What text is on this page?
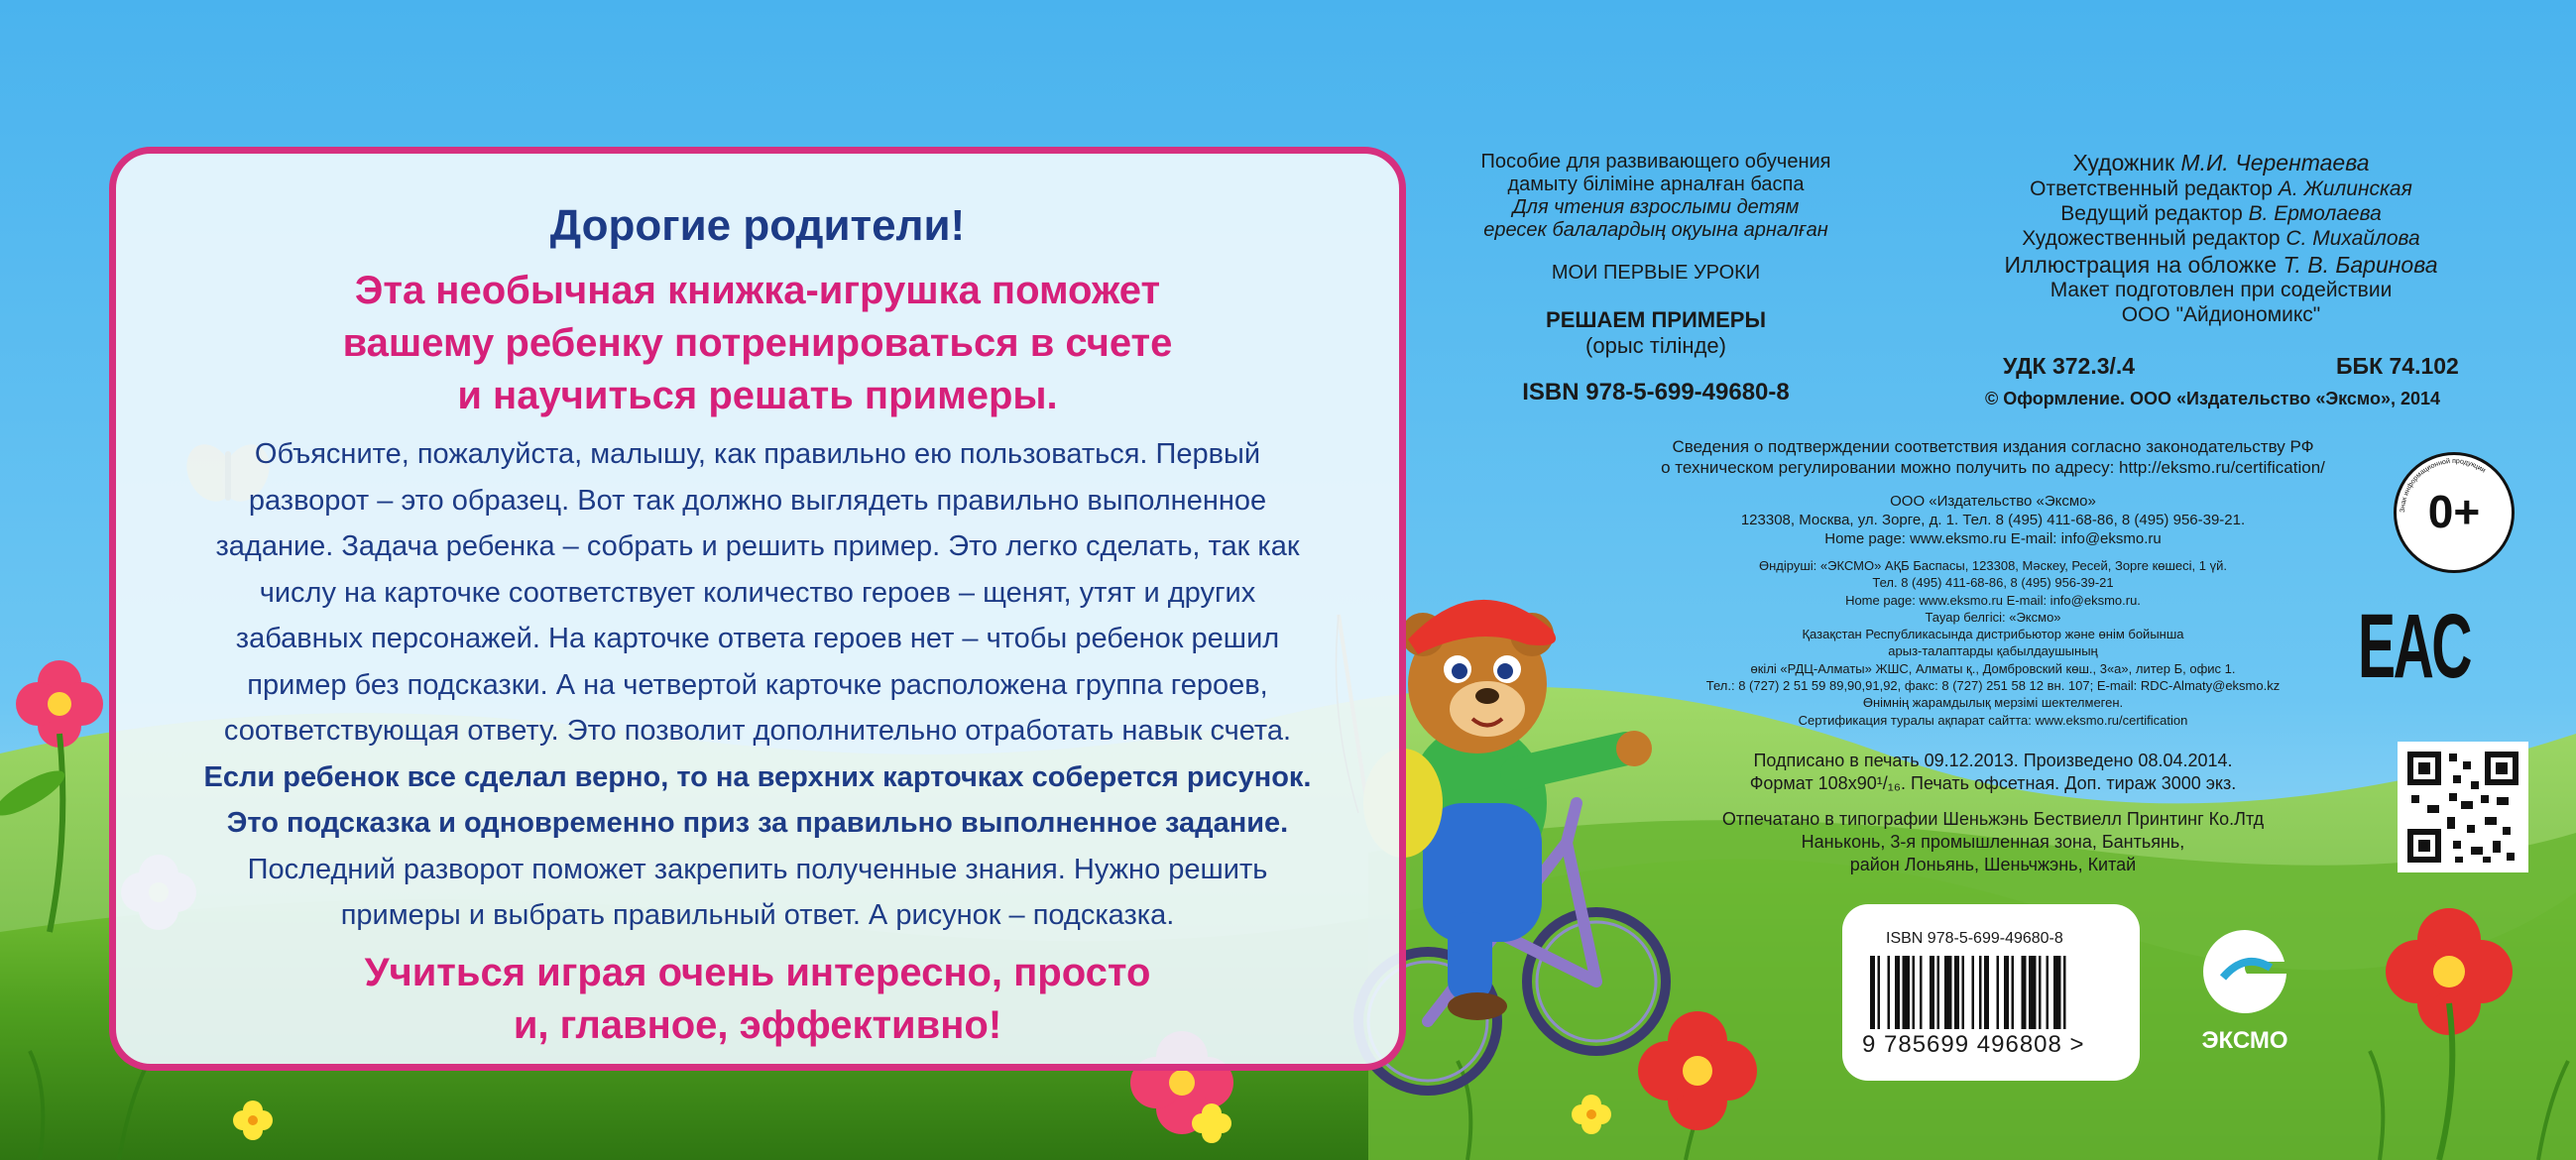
Дорогие родители!
Эта необычная книжка-игрушка поможет
вашему ребенку потренироваться в счете
и научиться решать примеры.
Объясните, пожалуйста, малышу, как правильно ею пользоваться. Первый
разворот – это образец. Вот так должно выглядеть правильно выполненное
задание. Задача ребенка – собрать и решить пример. Это легко сделать, так как
числу на карточке соответствует количество героев – щенят, утят и других
забавных персонажей. На карточке ответа героев нет – чтобы ребенок решил
пример без подсказки. А на четвертой карточке расположена группа героев,
соответствующая ответу. Это позволит дополнительно отработать навык счета.
Если ребенок все сделал верно, то на верхних карточках соберется рисунок.
Это подсказка и одновременно приз за правильно выполненное задание.
Последний разворот поможет закрепить полученные знания. Нужно решить
примеры и выбрать правильный ответ. А рисунок – подсказка.
Учиться играя очень интересно, просто
и, главное, эффективно!
Пособие для развивающего обучения
дамыту біліміне арналған баспа
Для чтения взрослыми детям
ересек балалардың оқуына арналған
МОИ ПЕРВЫЕ УРОКИ
РЕШАЕМ ПРИМЕРЫ
(орыс тілінде)
ISBN 978-5-699-49680-8
Художник М.И. Черентаева
Ответственный редактор А. Жилинская
Ведущий редактор В. Ермолаева
Художественный редактор С. Михайлова
Иллюстрация на обложке Т. В. Баринова
Макет подготовлен при содействии
ООО "Айдиономикс"
УДК 372.3/.4	ББК 74.102
© Оформление. ООО «Издательство «Эксмо», 2014
Сведения о подтверждении соответствия издания согласно законодательству РФ
о техническом регулировании можно получить по адресу: http://eksmo.ru/certification/
ООО «Издательство «Эксмо»
123308, Москва, ул. Зорге, д. 1. Тел. 8 (495) 411-68-86, 8 (495) 956-39-21.
Home page: www.eksmo.ru E-mail: info@eksmo.ru
Өндіруші: «ЭКСМО» АҚБ Баспасы, 123308, Мәскеу, Ресей, Зорге көшесі, 1 үй.
Тел. 8 (495) 411-68-86, 8 (495) 956-39-21
Home page: www.eksmo.ru E-mail: info@eksmo.ru.
Тауар белгісі: «Эксмо»
Қазақстан Республикасында дистрибьютор және өнім бойынша
арыз-талаптарды қабылдаушының
өкілі «РДЦ-Алматы» ЖШС, Алматы қ., Домбровский көш., 3«а», литер Б, офис 1.
Тел.: 8 (727) 2 51 59 89,90,91,92, факс: 8 (727) 251 58 12 вн. 107; E-mail: RDC-Almaty@eksmo.kz
Өнімнің жарамдылық мерзімі шектелмеген.
Сертификация туралы ақпарат сайтта: www.eksmo.ru/certification
Подписано в печать 09.12.2013. Произведено 08.04.2014.
Формат 108х90¹/₁₆. Печать офсетная. Доп. тираж 3000 экз.
Отпечатано в типографии Шеньжэнь Бествиелл Принтинг Ко.Лтд
Наньконь, 3-я промышленная зона, Бантьянь,
район Лоньянь, Шеньчжэнь, Китай
ISBN 978-5-699-49680-8
9 785699 496808 >
Знак информационной продукции
0+
EAC
ЭКСМО
